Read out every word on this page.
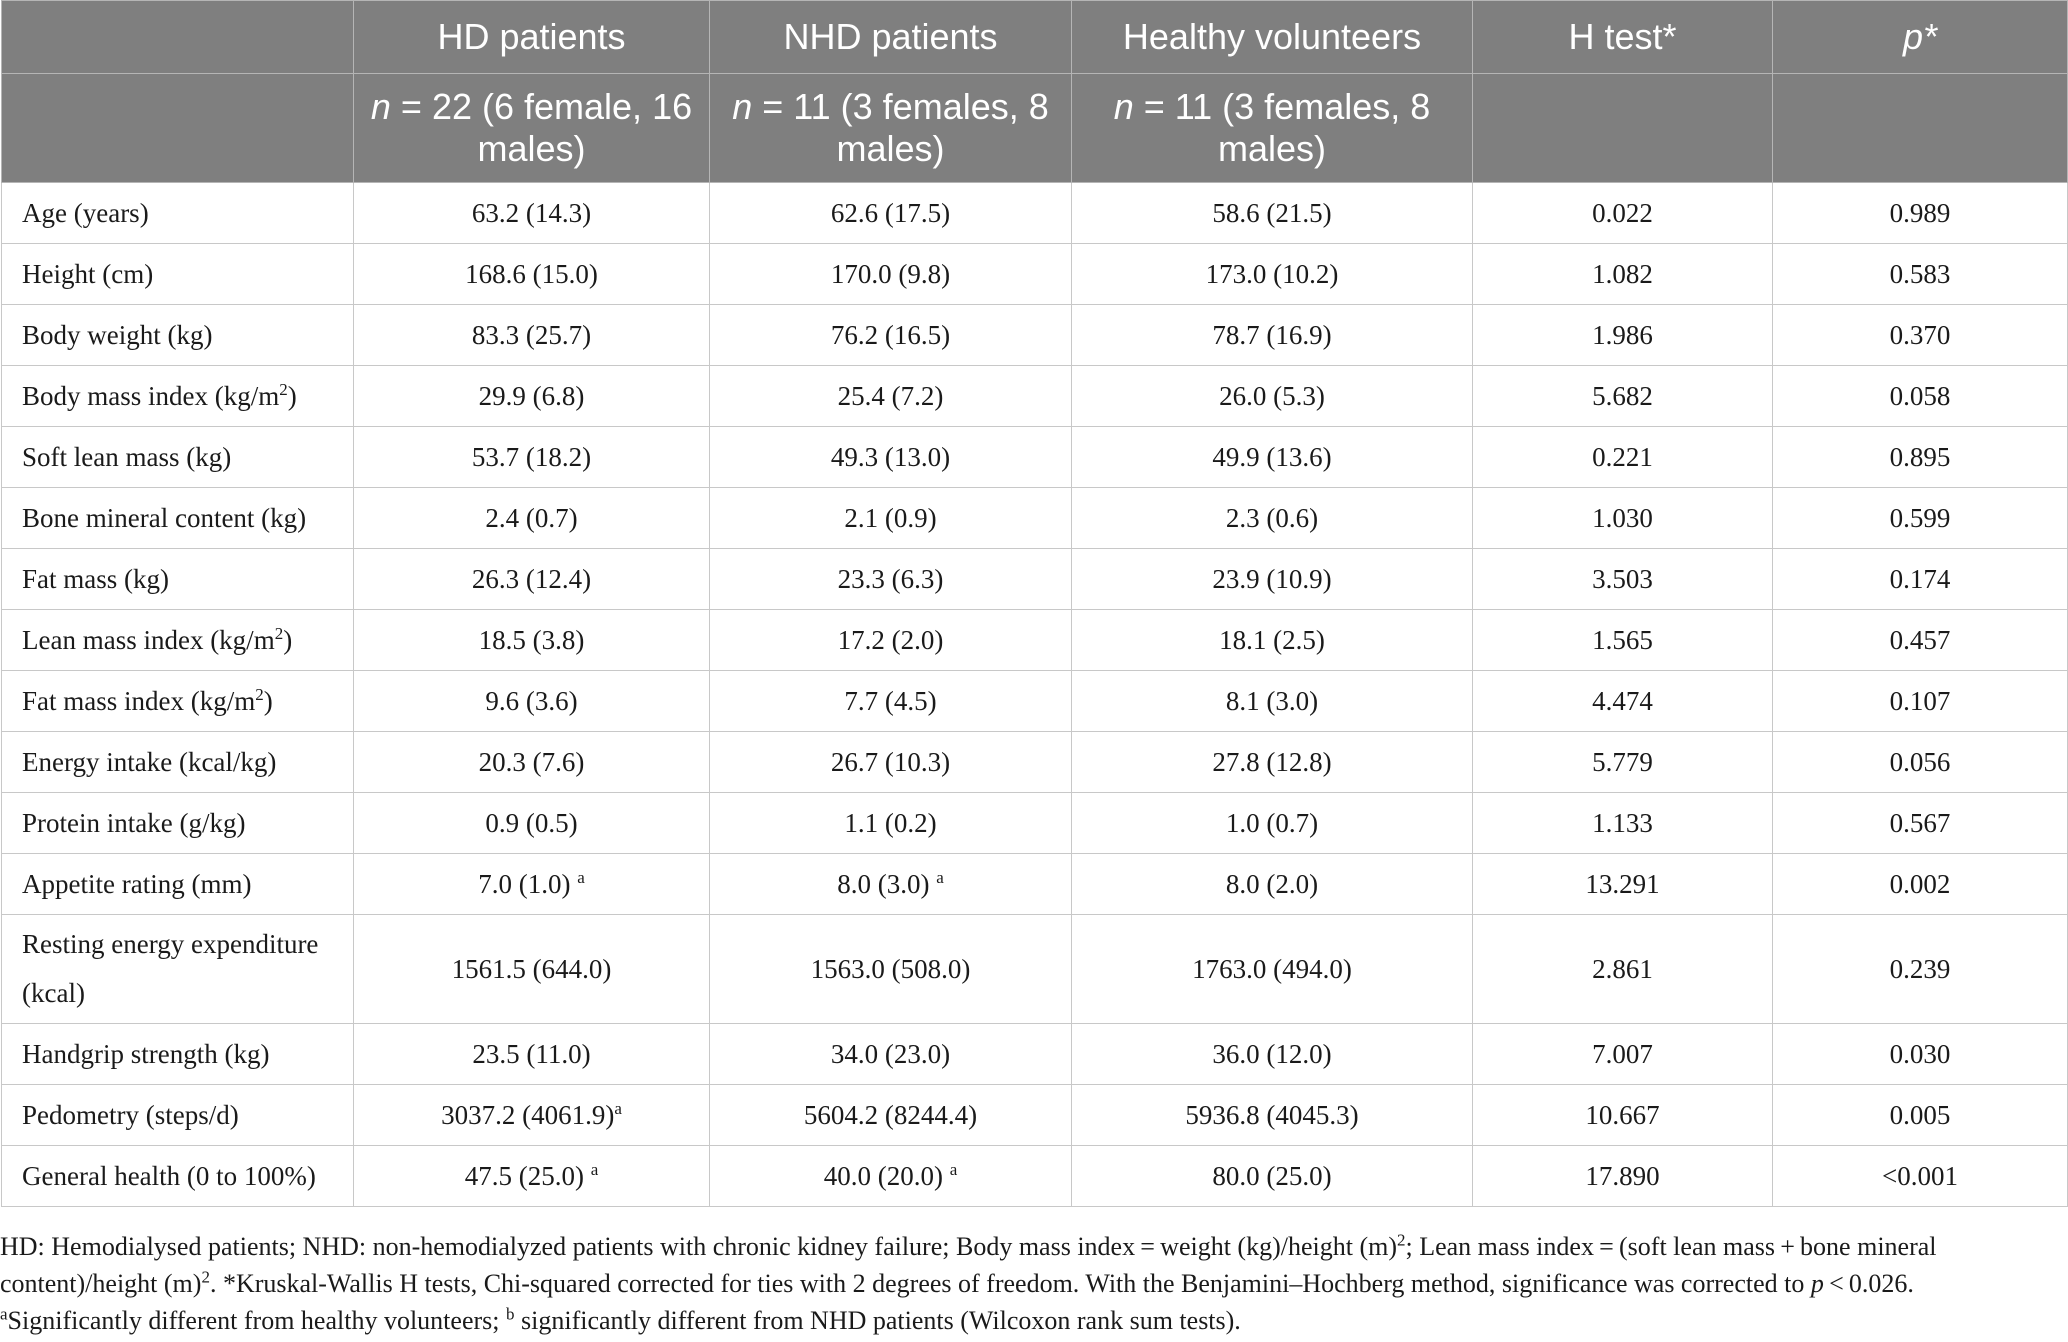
	HD patients	NHD patients	Healthy volunteers	H test*	p*
	n = 22 (6 female, 16 males)	n = 11 (3 females, 8 males)	n = 11 (3 females, 8 males)		
Age (years)	63.2 (14.3)	62.6 (17.5)	58.6 (21.5)	0.022	0.989
Height (cm)	168.6 (15.0)	170.0 (9.8)	173.0 (10.2)	1.082	0.583
Body weight (kg)	83.3 (25.7)	76.2 (16.5)	78.7 (16.9)	1.986	0.370
Body mass index $(kg/m^2)$	29.9 (6.8)	25.4 (7.2)	26.0 (5.3)	5.682	0.058
Soft lean mass (kg)	53.7 (18.2)	49.3 (13.0)	49.9 (13.6)	0.221	0.895
Bone mineral content (kg)	2.4 (0.7)	2.1 (0.9)	2.3 (0.6)	1.030	0.599
Fat mass (kg)	26.3 (12.4)	23.3 (6.3)	23.9 (10.9)	3.503	0.174
Lean mass index $(kg/m^2)$	18.5 (3.8)	17.2 (2.0)	18.1 (2.5)	1.565	0.457
Fat mass index $(kg/m^2)$	9.6 (3.6)	7.7 (4.5)	8.1 (3.0)	4.474	0.107
Energy intake (kcal/kg)	20.3 (7.6)	26.7 (10.3)	27.8 (12.8)	5.779	0.056
Protein intake (g/kg)	0.9 (0.5)	1.1 (0.2)	1.0 (0.7)	1.133	0.567
Appetite rating (mm)	7.0 (1.0) $^a$	8.0 (3.0) $^a$	8.0 (2.0)	13.291	0.002
Resting energy expenditure (kcal)	1561.5 (644.0)	1563.0 (508.0)	1763.0 (494.0)	2.861	0.239
Handgrip strength (kg)	23.5 (11.0)	34.0 (23.0)	36.0 (12.0)	7.007	0.030
Pedometry (steps/d)	3037.2 $(4061.9)^a$	5604.2 (8244.4)	5936.8 (4045.3)	10.667	0.005
General health (0 to 100%)	47.5 (25.0) $^a$	40.0 (20.0) $^a$	80.0 (25.0)	17.890	<0.001

HD: Hemodialysed patients; NHD: non-hemodialyzed patients with chronic kidney failure; Body mass index = weight (kg)/height $(m)^2$; Lean mass index = (soft lean mass + bone mineral content)/height $(m)^2$. *Kruskal-Wallis H tests, Chi-squared corrected for ties with 2 degrees of freedom. With the Benjamini–Hochberg method, significance was corrected to p < 0.026.

$^a$Significantly different from healthy volunteers; $^b$ significantly different from NHD patients (Wilcoxon rank sum tests).
